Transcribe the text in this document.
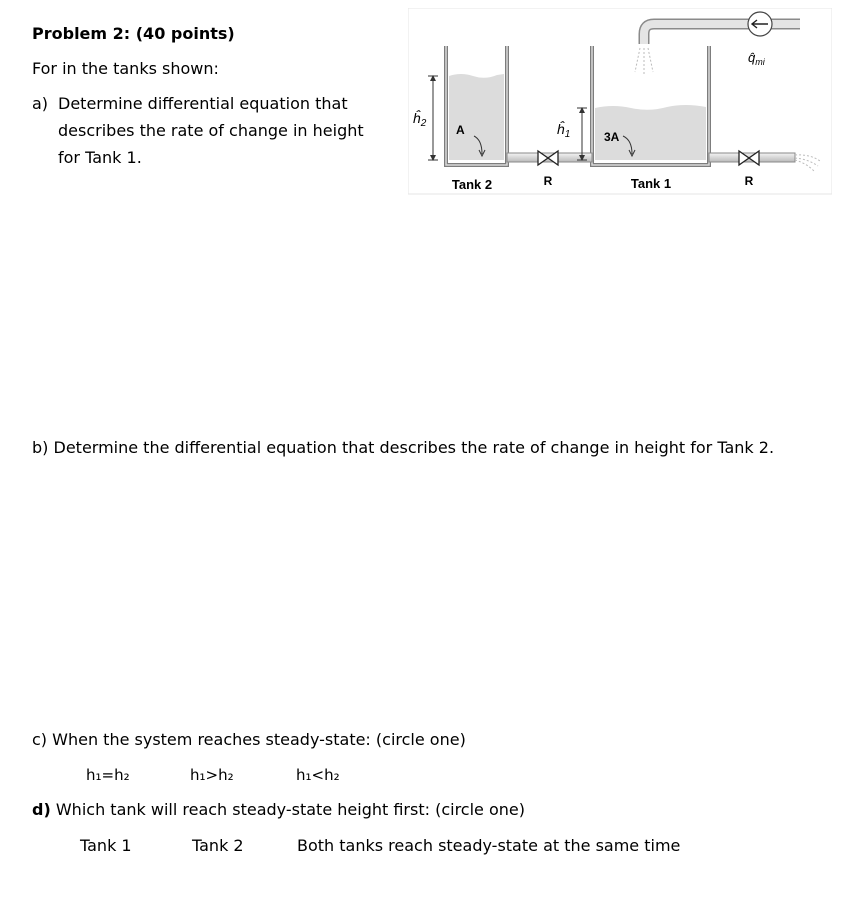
Problem 2: (40 points)
For in the tanks shown:
a) Determine differential equation that
describes the rate of change in height
for Tank 1.
A	3A
Tank 2	Tank 1
R	R
$ĥ_2$	$ĥ_1$
$q̂_{mi}$
b) Determine the differential equation that describes the rate of change in height for Tank 2.
c) When the system reaches steady-state: (circle one)
h₁=h₂	h₁>h₂	h₁<h₂
d) Which tank will reach steady-state height first: (circle one)
Tank 1	Tank 2	Both tanks reach steady-state at the same time
